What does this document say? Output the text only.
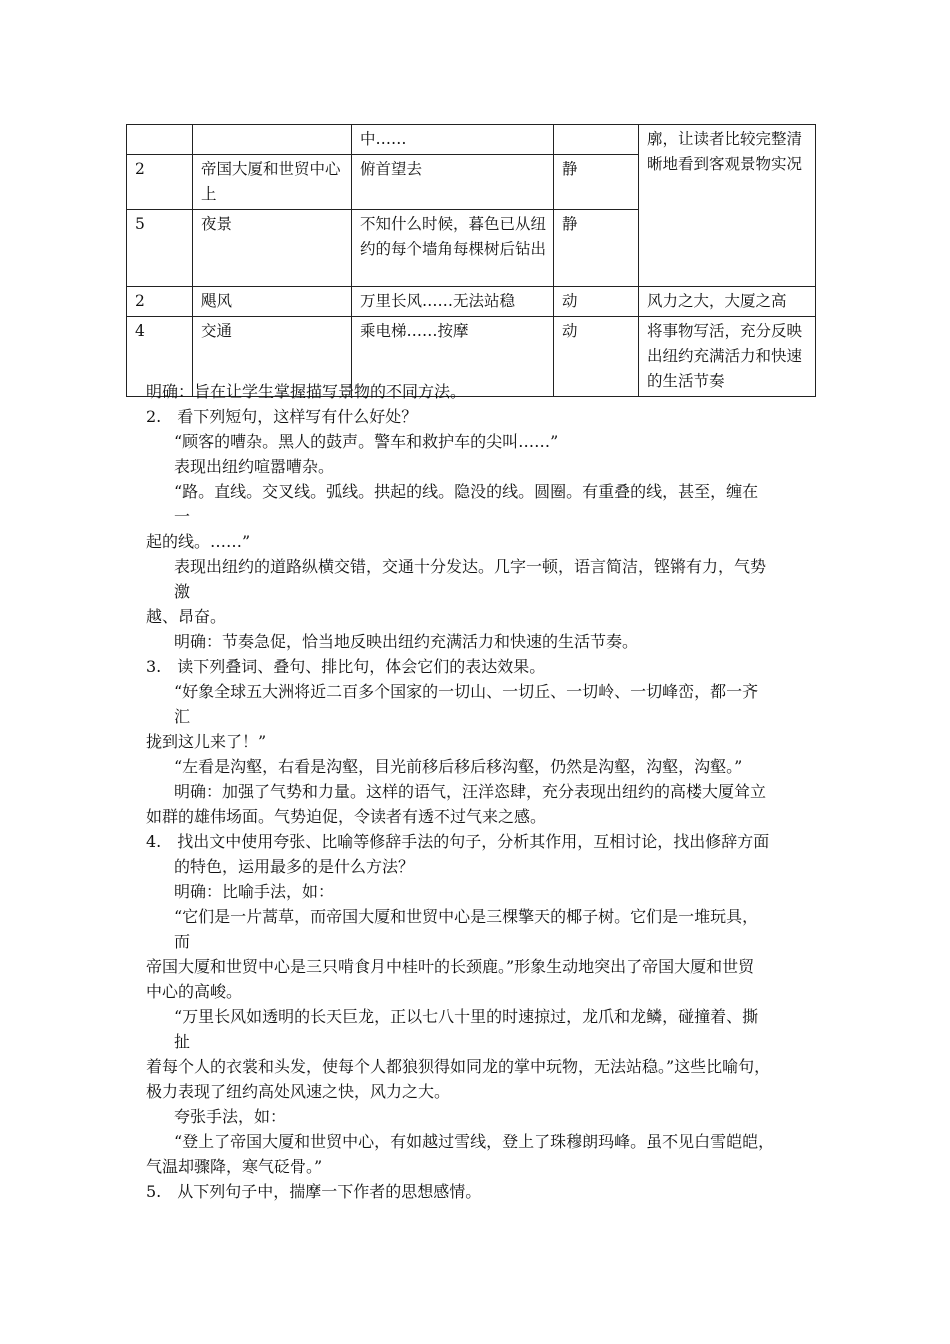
		中……		廓，让读者比较完整清晰地看到客观景物实况
2	帝国大厦和世贸中心上	俯首望去	静	
5	夜景	不知什么时候，暮色已从纽约的每个墙角每棵树后钻出	静	
2	飓风	万里长风……无法站稳	动	风力之大，大厦之高
4	交通	乘电梯……按摩	动	将事物写活，充分反映出纽约充满活力和快速的生活节奏
明确：旨在让学生掌握描写景物的不同方法。
2.　看下列短句，这样写有什么好处？
“顾客的嘈杂。黑人的鼓声。警车和救护车的尖叫……”
表现出纽约喧嚣嘈杂。
“路。直线。交叉线。弧线。拱起的线。隐没的线。圆圈。有重叠的线，甚至，缠在
一
起的线。……”
表现出纽约的道路纵横交错，交通十分发达。几字一顿，语言简洁，铿锵有力，气势
激
越、昂奋。
明确：节奏急促，恰当地反映出纽约充满活力和快速的生活节奏。
3.　读下列叠词、叠句、排比句，体会它们的表达效果。
“好象全球五大洲将近二百多个国家的一切山、一切丘、一切岭、一切峰峦，都一齐
汇
拢到这儿来了！”
“左看是沟壑，右看是沟壑，目光前移后移后移沟壑，仍然是沟壑，沟壑，沟壑。”
明确：加强了气势和力量。这样的语气，汪洋恣肆，充分表现出纽约的高楼大厦耸立
如群的雄伟场面。气势迫促，令读者有透不过气来之感。
4.　找出文中使用夸张、比喻等修辞手法的句子，分析其作用，互相讨论，找出修辞方面
的特色，运用最多的是什么方法？
明确：比喻手法，如：
“它们是一片蒿草，而帝国大厦和世贸中心是三棵擎天的椰子树。它们是一堆玩具，
而
帝国大厦和世贸中心是三只啃食月中桂叶的长颈鹿。”形象生动地突出了帝国大厦和世贸
中心的高峻。
“万里长风如透明的长天巨龙，正以七八十里的时速掠过，龙爪和龙鳞，碰撞着、撕
扯
着每个人的衣裳和头发，使每个人都狼狈得如同龙的掌中玩物，无法站稳。”这些比喻句，
极力表现了纽约高处风速之快，风力之大。
夸张手法，如：
“登上了帝国大厦和世贸中心，有如越过雪线，登上了珠穆朗玛峰。虽不见白雪皑皑，
气温却骤降，寒气砭骨。”
5.　从下列句子中，揣摩一下作者的思想感情。
